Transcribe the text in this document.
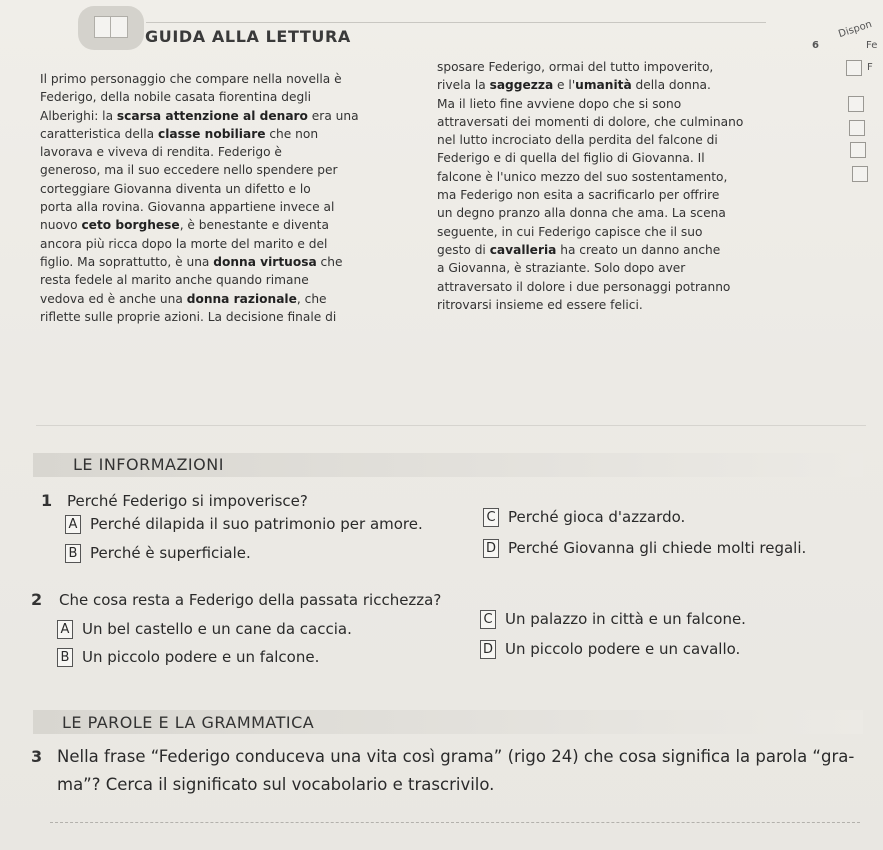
GUIDA ALLA LETTURA	6
Dispon
Fe
F
Il primo personaggio che compare nella novella è
Federigo, della nobile casata fiorentina degli
Alberighi: la scarsa attenzione al denaro era una
caratteristica della classe nobiliare che non
lavorava e viveva di rendita. Federigo è
generoso, ma il suo eccedere nello spendere per
corteggiare Giovanna diventa un difetto e lo
porta alla rovina. Giovanna appartiene invece al
nuovo ceto borghese, è benestante e diventa
ancora più ricca dopo la morte del marito e del
figlio. Ma soprattutto, è una donna virtuosa che
resta fedele al marito anche quando rimane
vedova ed è anche una donna razionale, che
riflette sulle proprie azioni. La decisione finale di
sposare Federigo, ormai del tutto impoverito,
rivela la saggezza e l'umanità della donna.
Ma il lieto fine avviene dopo che si sono
attraversati dei momenti di dolore, che culminano
nel lutto incrociato della perdita del falcone di
Federigo e di quella del figlio di Giovanna. Il
falcone è l'unico mezzo del suo sostentamento,
ma Federigo non esita a sacrificarlo per offrire
un degno pranzo alla donna che ama. La scena
seguente, in cui Federigo capisce che il suo
gesto di cavalleria ha creato un danno anche
a Giovanna, è straziante. Solo dopo aver
attraversato il dolore i due personaggi potranno
ritrovarsi insieme ed essere felici.
LE INFORMAZIONI
1 Perché Federigo si impoverisce?
A Perché dilapida il suo patrimonio per amore.
B Perché è superficiale.
C Perché gioca d'azzardo.
D Perché Giovanna gli chiede molti regali.
2 Che cosa resta a Federigo della passata ricchezza?
A Un bel castello e un cane da caccia.
B Un piccolo podere e un falcone.
C Un palazzo in città e un falcone.
D Un piccolo podere e un cavallo.
LE PAROLE E LA GRAMMATICA
3 Nella frase “Federigo conduceva una vita così grama” (rigo 24) che cosa significa la parola “gra-ma”? Cerca il significato sul vocabolario e trascrivilo.
